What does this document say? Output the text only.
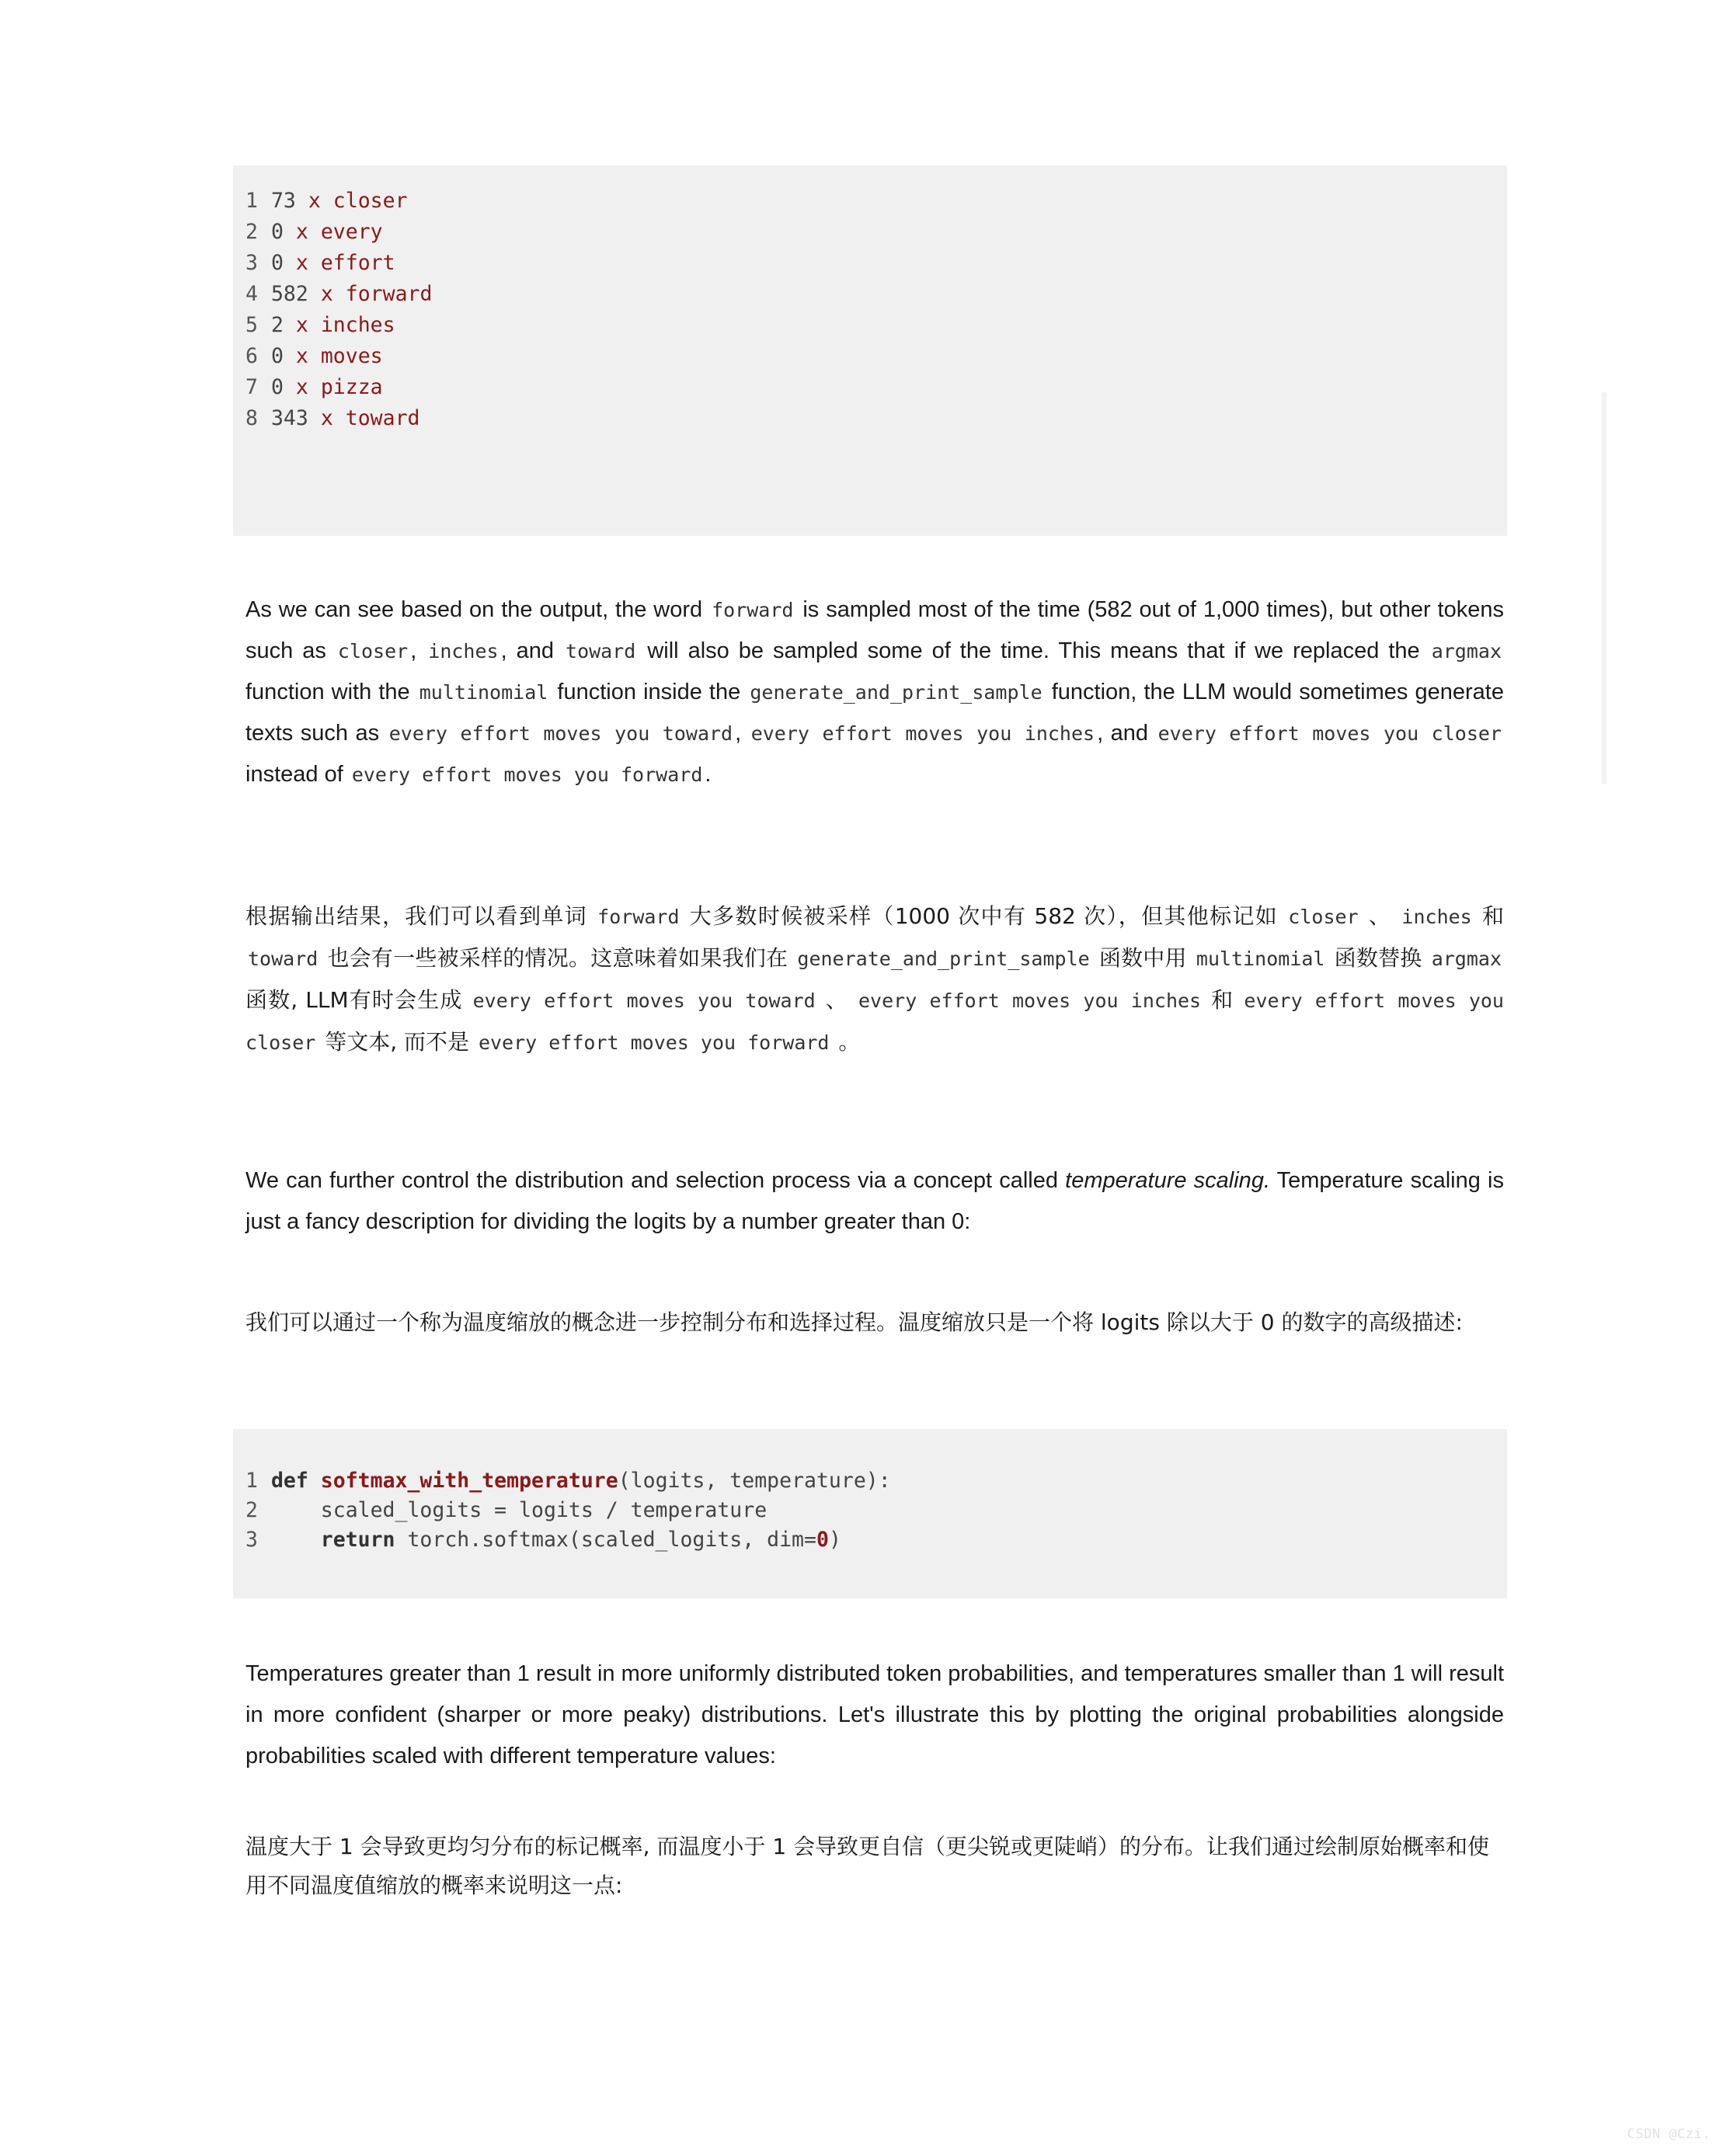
1 73 x closer
2 0 x every
3 0 x effort
4 582 x forward
5 2 x inches
6 0 x moves
7 0 x pizza
8 343 x toward

As we can see based on the output, the word forward is sampled most of the time (582 out of 1,000 times), but other tokens such as closer , inches , and toward will also be sampled some of the time. This means that if we replaced the argmax function with the multinomial function inside the generate_and_print_sample function, the LLM would sometimes generate texts such as every effort moves you toward , every effort moves you inches , and every effort moves you closer instead of every effort moves you forward .

根据输出结果，我们可以看到单词 forward 大多数时候被采样（1000 次中有 582 次），但其他标记如 closer 、 inches 和 toward 也会有一些被采样的情况。这意味着如果我们在 generate_and_print_sample 函数中用 multinomial 函数替换 argmax 函数, LLM有时会生成 every effort moves you toward 、 every effort moves you inches 和 every effort moves you closer 等文本, 而不是 every effort moves you forward 。

We can further control the distribution and selection process via a concept called temperature scaling. Temperature scaling is just a fancy description for dividing the logits by a number greater than 0:

我们可以通过一个称为温度缩放的概念进一步控制分布和选择过程。温度缩放只是一个将 logits 除以大于 0 的数字的高级描述:

1 def softmax_with_temperature(logits, temperature):
2     scaled_logits = logits / temperature
3     return torch.softmax(scaled_logits, dim=0)

Temperatures greater than 1 result in more uniformly distributed token probabilities, and temperatures smaller than 1 will result in more confident (sharper or more peaky) distributions. Let's illustrate this by plotting the original probabilities alongside probabilities scaled with different temperature values:

温度大于 1 会导致更均匀分布的标记概率, 而温度小于 1 会导致更自信（更尖锐或更陡峭）的分布。让我们通过绘制原始概率和使用不同温度值缩放的概率来说明这一点:

CSDN @Czi.
